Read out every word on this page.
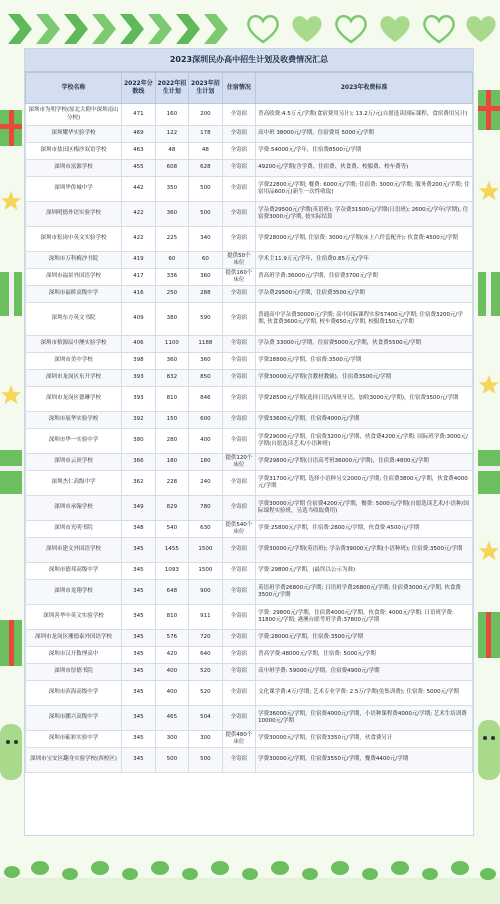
2023深圳民办高中招生计划及收费情况汇总
学校名称	2022年分数线	2022年招生计划	2023年招生计划	住宿情况	2023年收费标准
深圳市为明学校(原北大附中深圳南山分校)	471	160	200	全寄宿	普高收费:4.5万元/学期(食宿费用另计); 13.2万/元(自愿选读国际课程，食宿费用另计)
深圳耀华实验学校	469	122	178	全寄宿	高中班 38000元/学期，住宿费用 5000元/学期
深圳市盐田区梅沙双语学校	463	48	48	全寄宿	学费:54000元/学年，住宿费8500元/学期
深圳市富源学校	455	608	628	全寄宿	49200元/学期(含学费、住宿费、伙食费、校服费、校车费等)
深圳华侨城中学	442	350	500	全寄宿	学费22800元/学期; 餐费: 6000元/学期; 住宿费: 3000元/学期; 服务费200元/学期; 住宿用品600元(新生一次性收取)
深圳明德外语实验学校	422	360	500	全寄宿	学杂费29500元/学期(英语班); 学杂费31500元/学期(日语班); 2600元/学年(学期), 住宿费3000元/学期, 按实际结算
深圳市松岗中英文实验学校	422	225	340	全寄宿	学费28000元/学期, 住宿费: 3000元/学期(床上六件套配齐); 伙食费:4500元/学期
深圳市万科梅沙书院	419	60	60	提供50个床位	学术主11.9万元/学年，住宿费0.85万元/学年
深圳市福景外国语学校	417	336	360	提供160个床位	普高班学费:36000元/学期，住宿费3700元/学期
深圳市福桥高级中学	416	250	288	全寄宿	学杂费29500元/学期，住宿费3500元/学期
深圳东方英文书院	409	380	590	全寄宿	普通高中学杂费30000元/学期; 高中国际课程实验57400元/学期; 住宿费3200元/学期, 伙食费3600元/学期, 校车费650元/学期, 校服费150元/学期
深圳市格源辰中澳实验学校	406	1100	1188	全寄宿	学杂费 33000元/学期，住宿费5000元/学期，伙食费5500元/学期
深圳市美中学校	398	360	360	全寄宿	学费28800元/学期，住宿费:3500元/学期
深圳市龙岗区东升学校	393	832	850	全寄宿	学费30000元/学期(含教材教辅)，住宿费3500元/学期
深圳市龙岗区德琳学校	393	810	846	全寄宿	学费28500元/学期(选择日语/西班牙语，加收3000元/学期)，住宿费3500元/学期
深圳市展华实验学校	392	150	600	全寄宿	学费33600元/学期，住宿费4000元/学期
深圳市华一实验中学	380	280	400	全寄宿	学费29000元/学期，住宿费3200元/学期，伙食费4200元/学期; 国际班学费:3000元/学期(自愿选读艺术/小语种班)
深圳市云顶学校	366	180	180	提供120个床位	学费29800元/学期(日语高考班36000元/学期)，住宿费:4800元/学期
深圳杰仁高级中学	362	228	240	全寄宿	学费31700元/学期, 选择小语种另交2000元/学期; 住宿费3800元/学期，伙食费4000元/学期
深圳市承翰学校	349	829	780	全寄宿	学费30000元/学期 住宿费4200元/学期，餐费: 5000元/学期(自愿选读艺术/小语种/国际课程实验班，另选当收取费用)
深圳市光明书院	348	540	630	提供540个床位	学费:25800元/学期，住宿费:2800元/学期，伙食费:4500元/学期
深圳市建文外国语学校	345	1455	1500	全寄宿	学费30000元/学期(英语班); 学杂费39000元/学期(小语种班); 住宿费:3500元/学期
深圳市德邦高级中学	345	1093	1500	全寄宿	学费:29800元/学期，(最终以公示为准)
深圳市龙翔学校	345	648	900	全寄宿	英语班学费26800元/学期; 日语班学费26800元/学期; 住宿费3000元/学期, 伙食费3500元/学期
深圳善华中英文实验学校	345	810	911	全寄宿	学费: 29800元/学期，住宿费4000元/学期，伙食费: 4000元/学期; 日语班学费: 31800元/学期; 港澳台联考班学费:37800元/学期
深圳市龙岗区珊德泰外国语学校	345	576	720	全寄宿	学费:28000元/学期，住宿费:3500元/学期
深圳市汉开数理高中	345	420	640	全寄宿	普高学费:48000元/学期，住宿费: 5000元/学期
深圳市厚德书院	345	400	520	全寄宿	高中班学费: 59000元/学期，住宿费4900元/学期
深圳市滨海高级中学	345	400	520	全寄宿	文化课学费:4万/学期; 艺术专业学费: 2.5万/学期(免集训费); 住宿费: 5000元/学期
深圳市鹏兴高级中学	345	465	504	全寄宿	学费36000元/学期，住宿费4000元/学期，小语种课程费4000元/学期; 艺术生培训费10000元/学期
深圳市砺彩实验中学	345	300	300	提供480个床位	学费30000元/学期，住宿费3350元/学期，伙食费另计
深圳市宝安区翻身实验学校(西校区)	345	500	500	全寄宿	学费30000元/学期，住宿费3550元/学期，餐费4400元/学期
